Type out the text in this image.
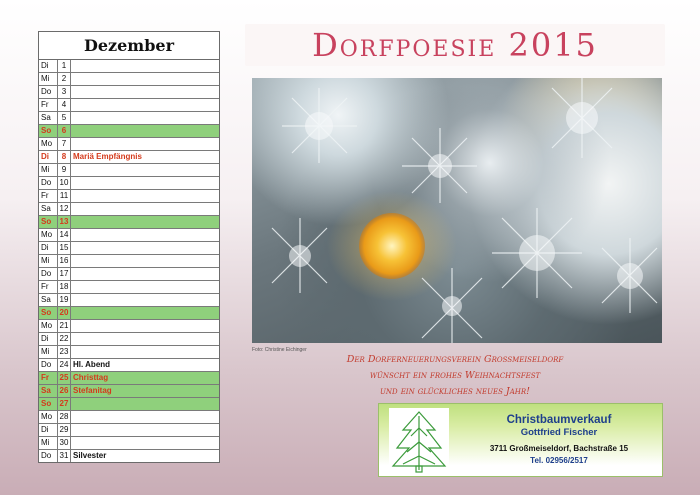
Dezember
Di	1
Mi	2
Do	3
Fr	4
Sa	5
So	6
Mo	7
Di	8 Mariä Empfängnis
Mi	9
Do	10
Fr	11
Sa	12
So	13
Mo 14
Di	15
Mi	16
Do	17
Fr	18
Sa	19
So	20
Mo 21
Di	22
Mi	23
Do	24 Hl. Abend
Fr	25 Christtag
Sa	26 Stefanitag
So	27
Mo 28
Di	29
Mi	30
Do	31 Silvester
Dorfpoesie 2015
Foto: Christine Eichinger
Der Dorferneuerungsverein Großmeiseldorf
wünscht ein frohes Weihnachtsfest
und ein glückliches neues Jahr!
Christbaumverkauf
Gottfried Fischer
3711 Großmeiseldorf, Bachstraße 15
Tel. 02956/2517
